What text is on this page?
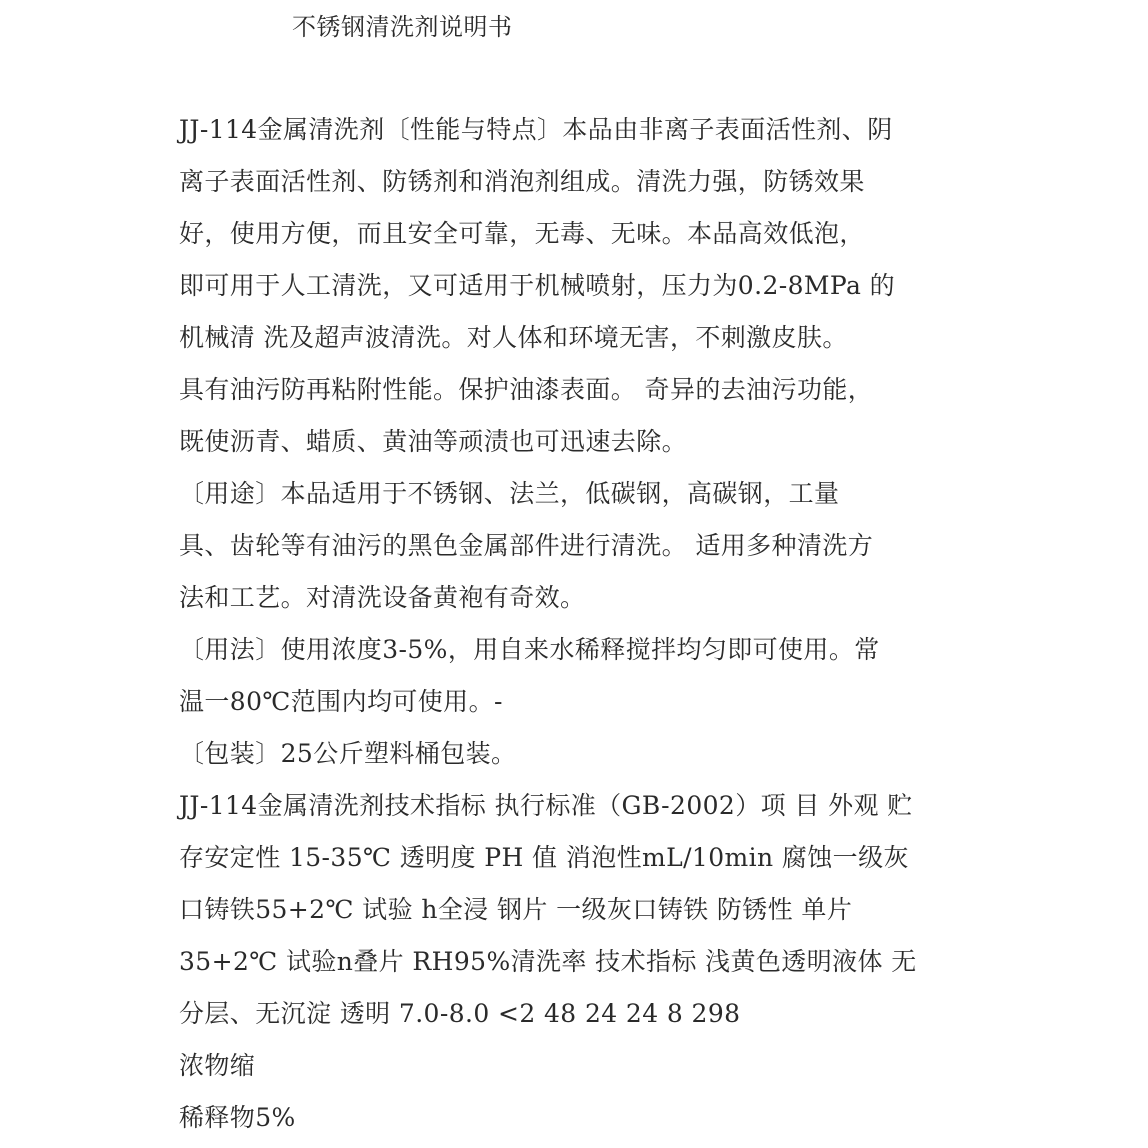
不锈钢清洗剂说明书
JJ-114金属清洗剂〔性能与特点〕本品由非离子表面活性剂、阴
离子表面活性剂、防锈剂和消泡剂组成。清洗力强，防锈效果
好，使用方便，而且安全可靠，无毒、无味。本品高效低泡，
即可用于人工清洗，又可适用于机械喷射，压力为0.2-8MPa 的
机械清 洗及超声波清洗。对人体和环境无害，不刺激皮肤。
具有油污防再粘附性能。保护油漆表面。 奇异的去油污功能，
既使沥青、蜡质、黄油等顽渍也可迅速去除。
〔用途〕本品适用于不锈钢、法兰，低碳钢，高碳钢，工量
具、齿轮等有油污的黑色金属部件进行清洗。 适用多种清洗方
法和工艺。对清洗设备黄袍有奇效。
〔用法〕使用浓度3-5%，用自来水稀释搅拌均匀即可使用。常
温一80℃范围内均可使用。-
〔包装〕25公斤塑料桶包装。
JJ-114金属清洗剂技术指标 执行标准（GB-2002）项 目 外观 贮
存安定性 15-35℃ 透明度 PH 值 消泡性mL/10min 腐蚀一级灰
口铸铁55+2℃ 试验 h全浸 钢片 一级灰口铸铁 防锈性 单片
35+2℃ 试验n叠片 RH95%清洗率 技术指标 浅黄色透明液体 无
分层、无沉淀 透明 7.0-8.0 <2 48 24 24 8 298
浓物缩
稀释物5%
